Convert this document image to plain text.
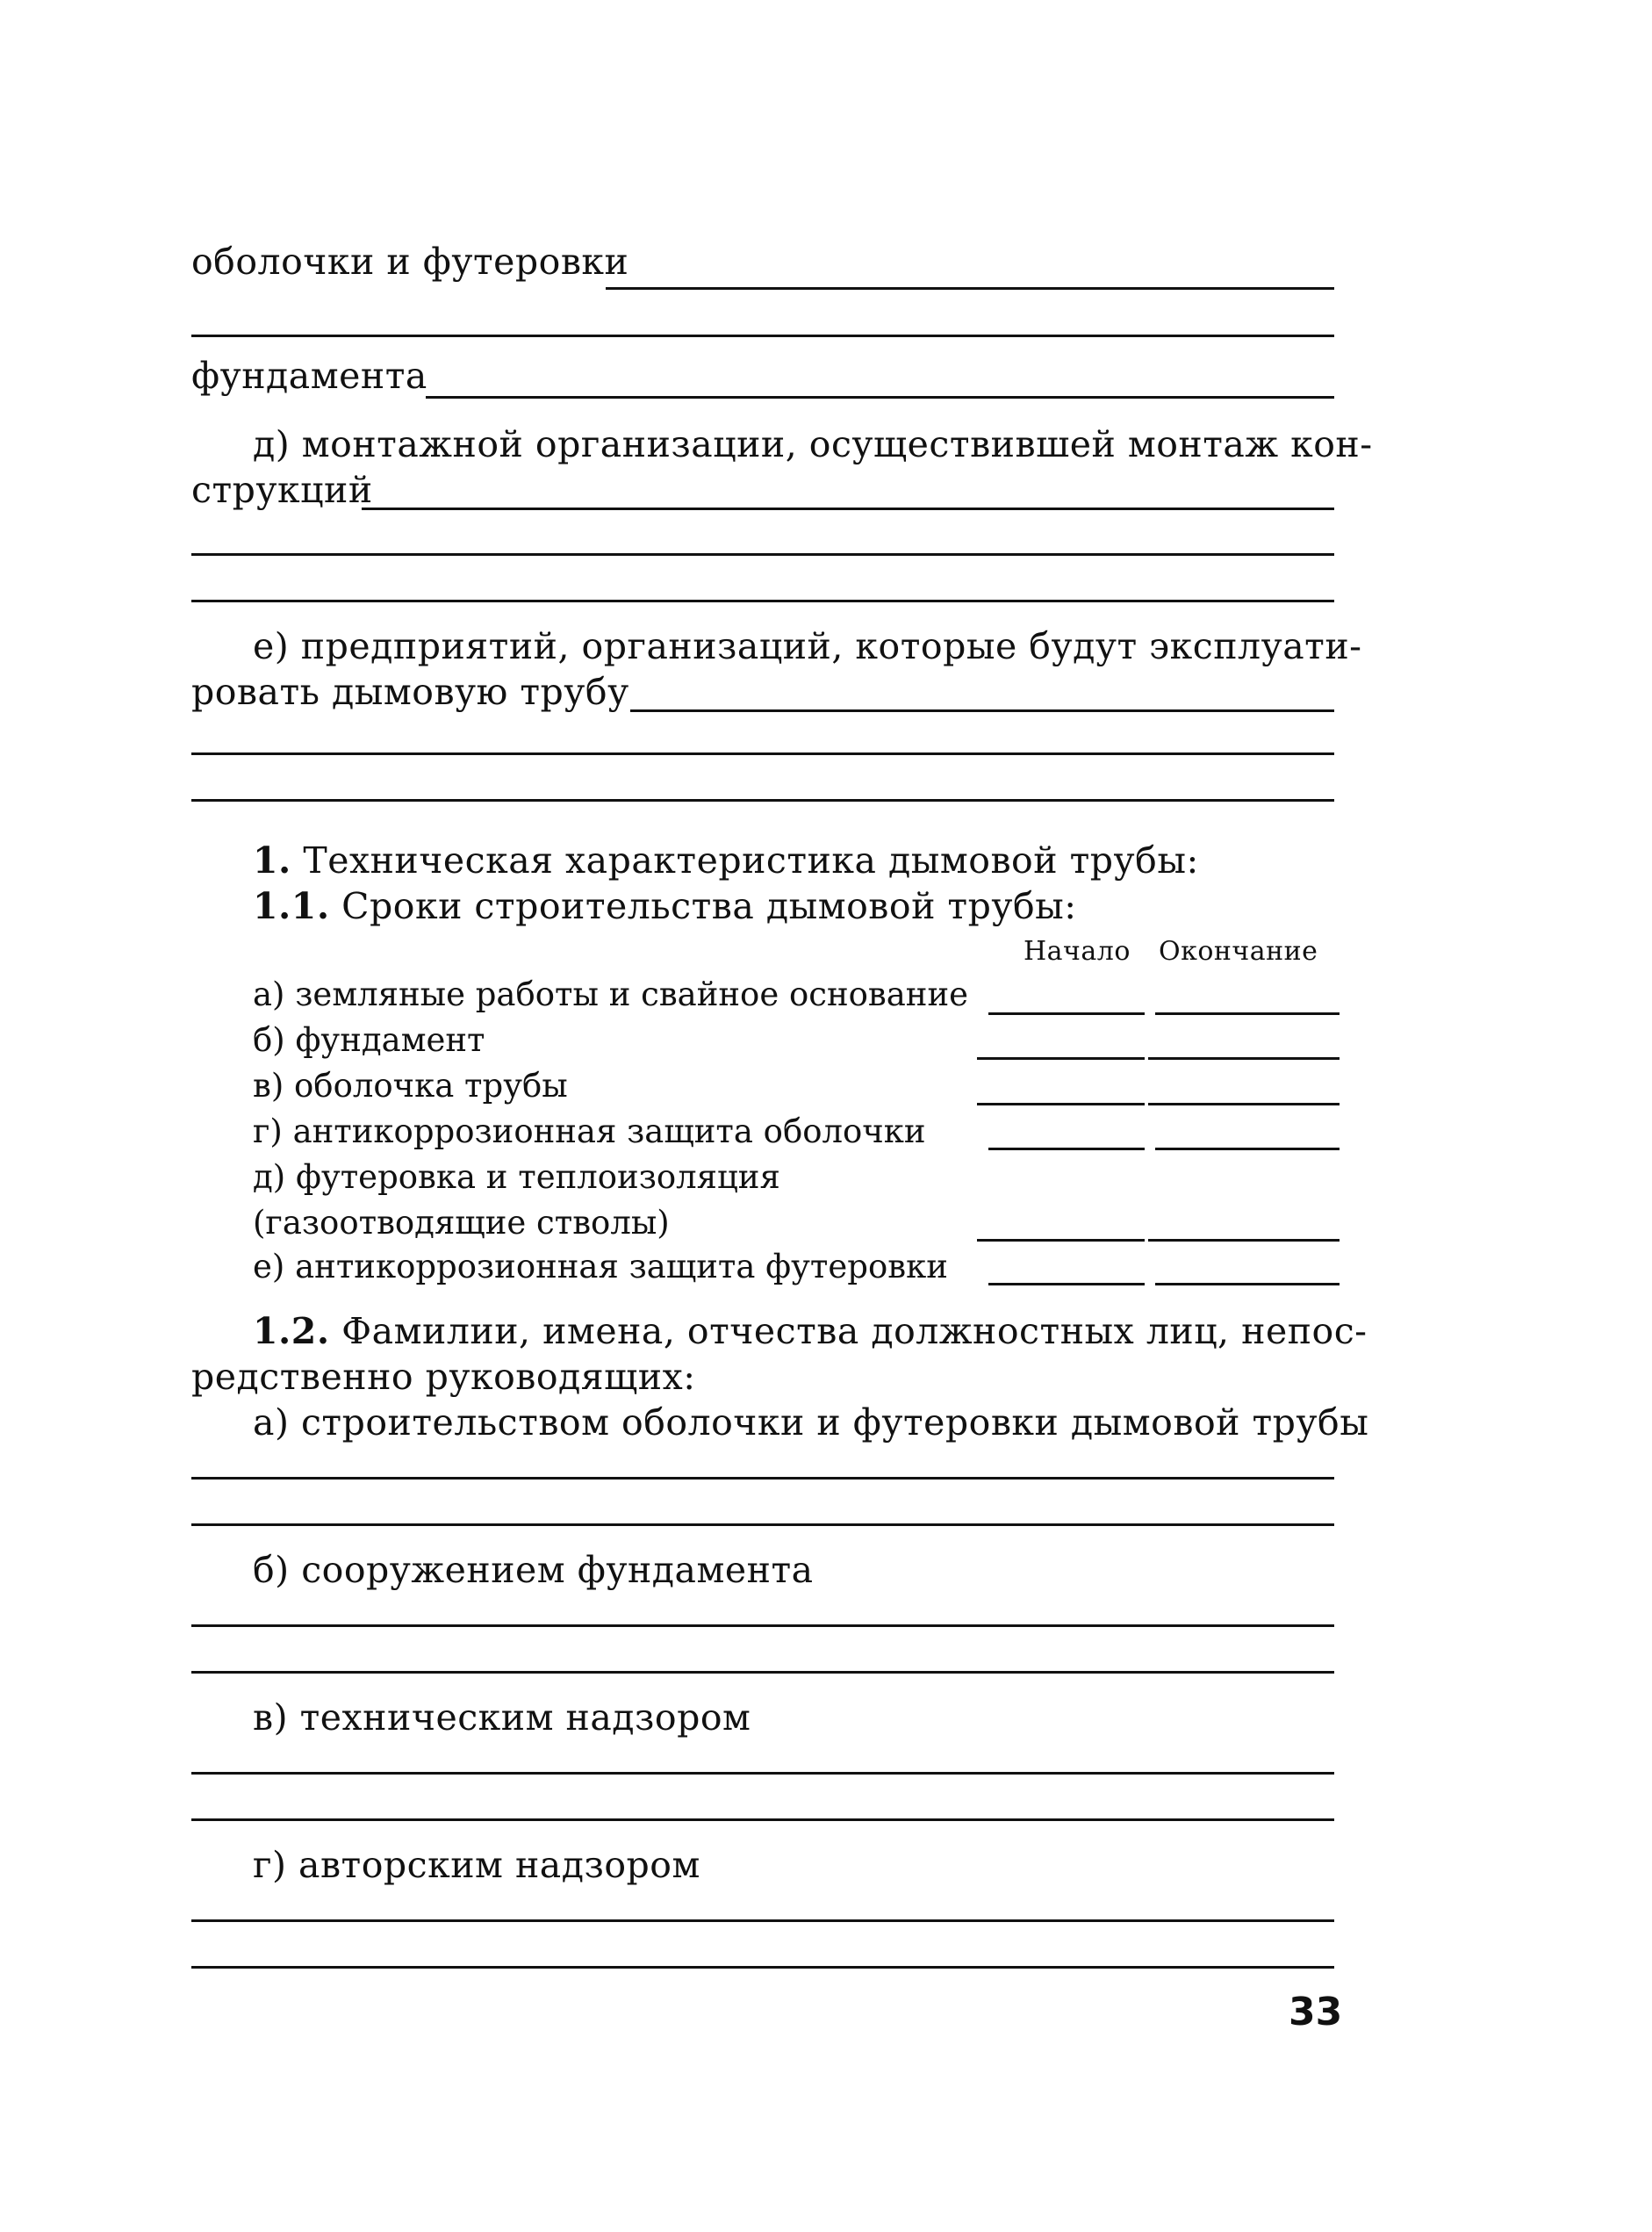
оболочки и футеровки
фундамента
д) монтажной организации, осуществившей монтаж кон-
струкций
е) предприятий, организаций, которые будут эксплуати-
ровать дымовую трубу
1. Техническая характеристика дымовой трубы:
1.1. Сроки строительства дымовой трубы:
Начало Окончание
а) земляные работы и свайное основание
б) фундамент
в) оболочка трубы
г) антикоррозионная защита оболочки
д) футеровка и теплоизоляция
(газоотводящие стволы)
е) антикоррозионная защита футеровки
1.2. Фамилии, имена, отчества должностных лиц, непос-
редственно руководящих:
а) строительством оболочки и футеровки дымовой трубы
б) сооружением фундамента
в) техническим надзором
г) авторским надзором
33
